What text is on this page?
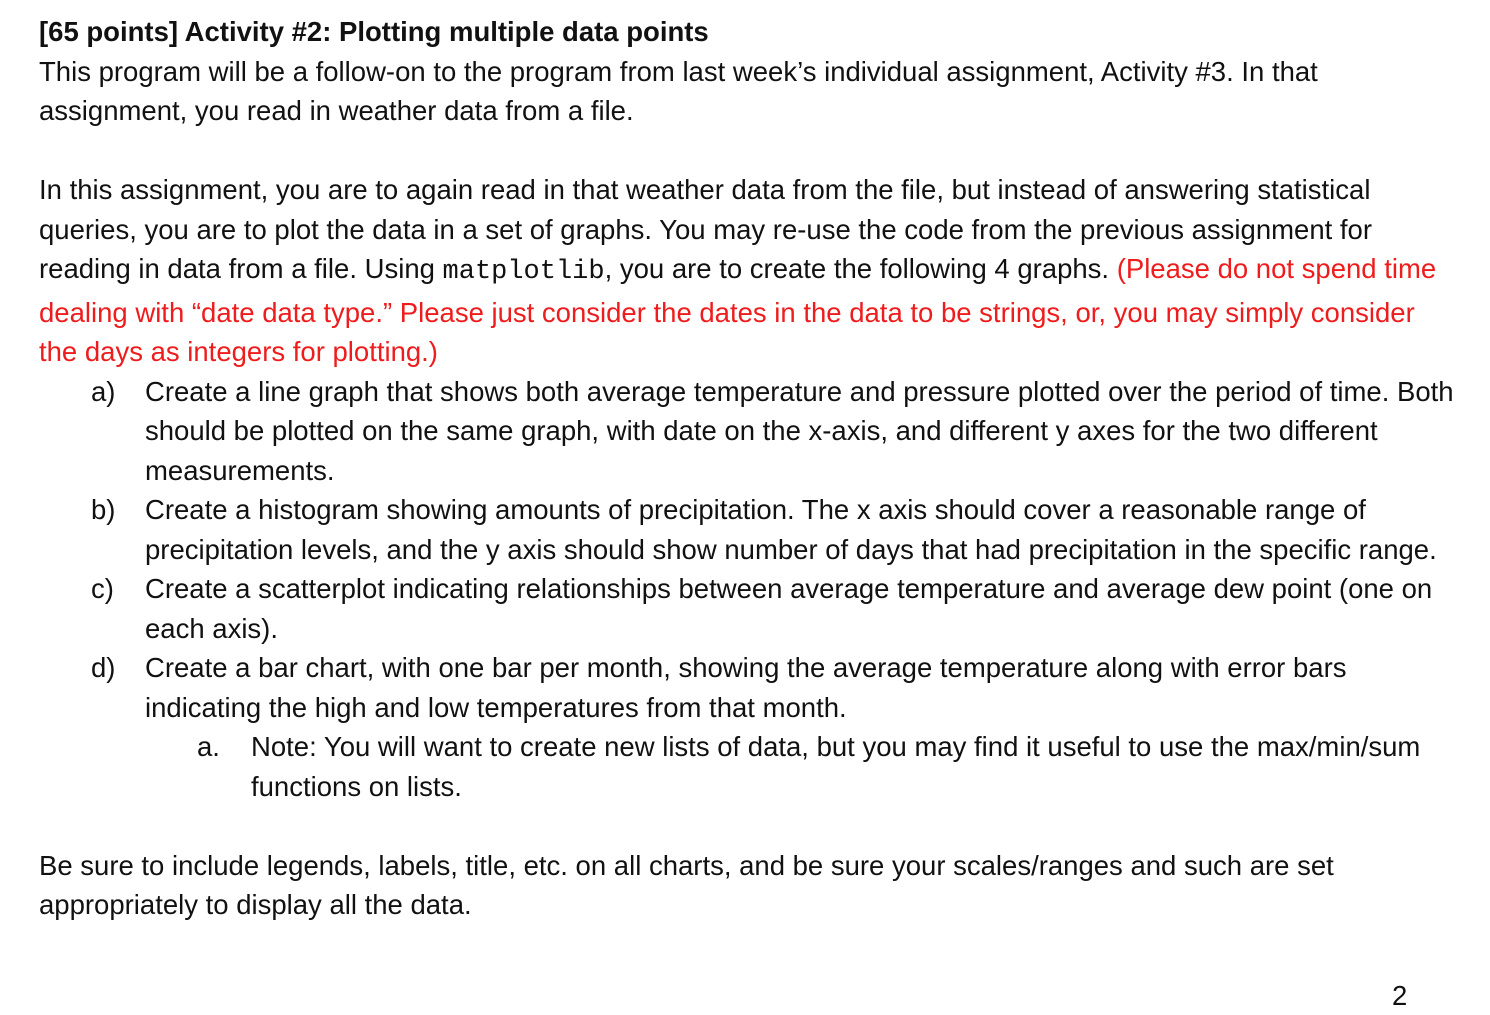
[65 points] Activity #2: Plotting multiple data points

This program will be a follow-on to the program from last week’s individual assignment, Activity #3. In that assignment, you read in weather data from a file.

In this assignment, you are to again read in that weather data from the file, but instead of answering statistical queries, you are to plot the data in a set of graphs. You may re-use the code from the previous assignment for reading in data from a file. Using matplotlib, you are to create the following 4 graphs. (Please do not spend time dealing with “date data type.” Please just consider the dates in the data to be strings, or, you may simply consider the days as integers for plotting.)

a) Create a line graph that shows both average temperature and pressure plotted over the period of time. Both should be plotted on the same graph, with date on the x-axis, and different y axes for the two different measurements.
b) Create a histogram showing amounts of precipitation. The x axis should cover a reasonable range of precipitation levels, and the y axis should show number of days that had precipitation in the specific range.
c) Create a scatterplot indicating relationships between average temperature and average dew point (one on each axis).
d) Create a bar chart, with one bar per month, showing the average temperature along with error bars indicating the high and low temperatures from that month.
a. Note: You will want to create new lists of data, but you may find it useful to use the max/min/sum functions on lists.

Be sure to include legends, labels, title, etc. on all charts, and be sure your scales/ranges and such are set appropriately to display all the data.

2
